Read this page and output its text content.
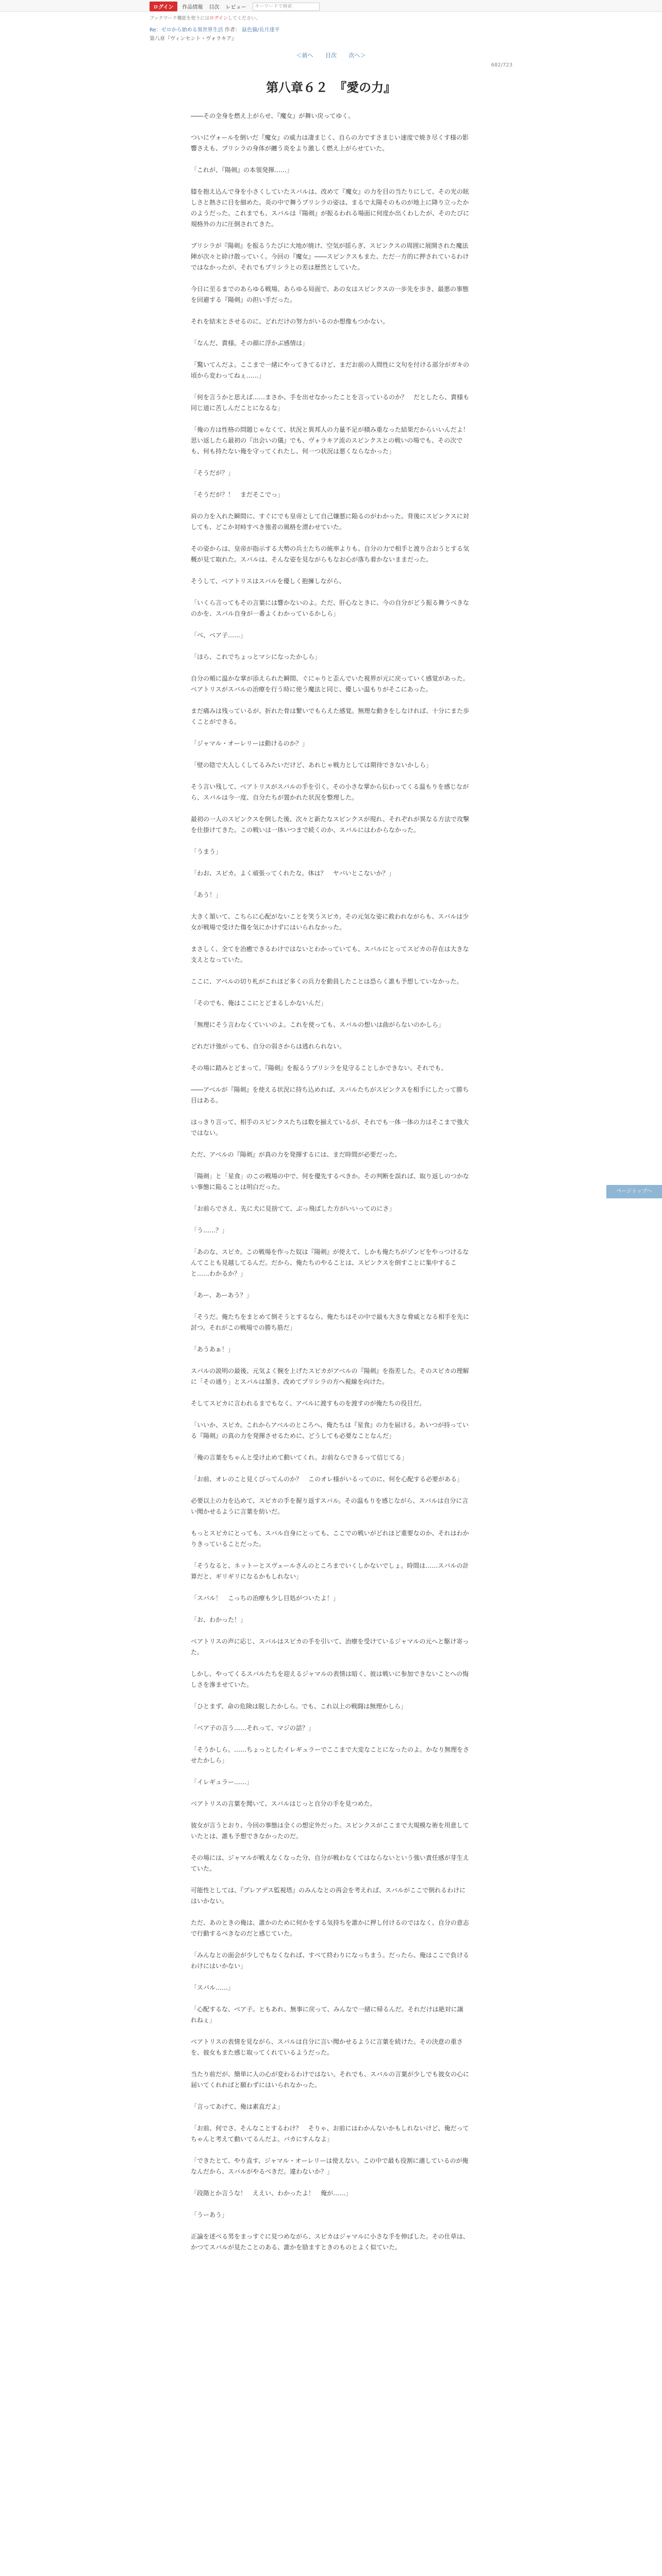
ログイン	作品情報 目次 レビュー	キーワードで検索
ブックマーク機能を使うにはログインしてください。
Re：ゼロから始める異世界生活 作者： 鼠色猫/長月達平
第八章『ヴィンセント・ヴォラキア』
＜前へ 目次 次へ＞
682/723
第八章６２　『愛の力』

――その全身を燃え上がらせ、『魔女』が舞い戻ってゆく。

ついにヴォールを倒いだ『魔女』の威力は凄まじく、自らの力ですさまじい速度で焼き尽くす様の影響さえも、プリシラの身体が纏う炎をより激しく燃え上がらせていた。

「これが、『陽剣』の本領発揮……」

膝を抱え込んで身を小さくしていたスバルは、改めて『魔女』の力を目の当たりにして、その光の眩しさと熱さに目を細めた。炎の中で舞うプリシラの姿は、まるで太陽そのものが地上に降り立ったかのようだった。これまでも、スバルは『陽剣』が振るわれる場面に何度か出くわしたが、そのたびに規格外の力に圧倒されてきた。

プリシラが『陽剣』を振るうたびに大地が焼け、空気が揺らぎ、スピンクスの周囲に展開された魔法陣が次々と砕け散っていく。今回の『魔女』――スピンクスもまた、ただ一方的に押されているわけではなかったが、それでもプリシラとの差は歴然としていた。

今日に至るまでのあらゆる戦場、あらゆる局面で、あの女はスピンクスの一歩先を歩き、最悪の事態を回避する『陽剣』の担い手だった。

それを結末とさせるのに、どれだけの努力がいるのか想像もつかない。

「なんだ、貴様。その顔に浮かぶ感情は」

「驚いてんだよ。ここまで一緒にやってきてるけど、まだお前の人間性に文句を付ける部分がガキの頃から変わってねぇ……」

「何を言うかと思えば……まさか、手を出せなかったことを言っているのか？　だとしたら、貴様も同じ道に苦しんだことになるな」

「俺の方は性格の問題じゃなくて、状況と異邦人の力量不足が積み重なった結果だからいいんだよ！　思い返したら最初の『出会いの儀』でも、ヴォラキア流のスピンクスとの戦いの場でも、その次でも、何も持たない俺を守ってくれたし、何一つ状況は悪くならなかった」

「そうだが？」

「そうだが？！　まだそこでっ」

肩の力を入れた瞬間に、すぐにでも皇帝として自己嫌悪に陥るのがわかった。背後にスピンクスに対しても、どこか対峙すべき強者の風格を漂わせていた。

その姿からは、皇帝が指示する大勢の兵士たちの統率よりも、自分の力で相手と渡り合おうとする気概が見て取れた。スバルは、そんな姿を見ながらもなお心が落ち着かないままだった。

そうして、ベアトリスはスバルを優しく抱擁しながら、

「いくら言ってもその言葉には響かないのよ。ただ、肝心なときに、今の自分がどう振る舞うべきなのかを、スバル自身が一番よくわかっているかしら」

「べ、ベア子……」

「ほら、これでちょっとマシになったかしら」

自分の頬に温かな掌が添えられた瞬間、ぐにゃりと歪んでいた視界が元に戻っていく感覚があった。ベアトリスがスバルの治療を行う時に使う魔法と同じ、優しい温もりがそこにあった。

まだ痛みは残っているが、折れた骨は繋いでもらえた感覚。無理な動きをしなければ、十分にまた歩くことができる。

「ジャマル・オーレリーは動けるのか？」

「壁の陰で大人しくしてるみたいだけど、あれじゃ戦力としては期待できないかしら」

そう言い残して、ベアトリスがスバルの手を引く。その小さな掌から伝わってくる温もりを感じながら、スバルは今一度、自分たちが置かれた状況を整理した。

最初の一人のスピンクスを倒した後、次々と新たなスピンクスが現れ、それぞれが異なる方法で攻撃を仕掛けてきた。この戦いは一体いつまで続くのか、スバルにはわからなかった。

「うまう」

「わお、スピカ。よく頑張ってくれたな。体は？　ヤバいとこないか？」

「あう！」

大きく頷いて、こちらに心配がないことを笑うスピカ。その元気な姿に救われながらも、スバルは少女が戦場で受けた傷を気にかけずにはいられなかった。

まさしく、全てを治癒できるわけではないとわかっていても、スバルにとってスピカの存在は大きな支えとなっていた。

ここに、アベルの切り札がこれほど多くの兵力を動員したことは恐らく誰も予想していなかった。

「そのでも、俺はここにとどまるしかないんだ」

「無理にそう言わなくていいのよ。これを使っても、スバルの想いは曲がらないのかしら」

どれだけ強がっても、自分の弱さからは逃れられない。

その場に踏みとどまって、『陽剣』を振るうプリシラを見守ることしかできない。それでも、

――アベルが『陽剣』を使える状況に持ち込めれば、スバルたちがスピンクスを相手にしたって勝ち目はある。

はっきり言って、相手のスピンクスたちは数を揃えているが、それでも一体一体の力はそこまで強大ではない。

ただ、アベルの『陽剣』が真の力を発揮するには、まだ時間が必要だった。

「陽剣」と「星食」のこの戦場の中で、何を優先するべきか。その判断を誤れば、取り返しのつかない事態に陥ることは明白だった。

「お前らでさえ、先に犬に見捨てて、ぶっ飛ばした方がいいってのにさ」

「う……？」

「あのな、スピカ。この戦場を作った奴は『陽剣』が使えて、しかも俺たちがゾンビをやっつけるなんてことも見越してるんだ。だから、俺たちのやることは、スピンクスを倒すことに集中すること……わかるか？」

「あー、あーあう？」

「そうだ。俺たちをまとめて倒そうとするなら、俺たちはその中で最も大きな脅威となる相手を先に討つ。それがこの戦場での勝ち筋だ」

「あうあぁ！」

スバルの説明の最後、元気よく腕を上げたスピカがアベルの『陽剣』を指差した。そのスピカの理解に「その通り」とスバルは頷き、改めてプリシラの方へ視線を向けた。

そしてスピカに言われるまでもなく、アベルに渡すものを渡すのが俺たちの役目だ。

「いいか、スピカ。これからアベルのところへ、俺たちは『星食』の力を届ける。あいつが持っている『陽剣』の真の力を発揮させるために、どうしても必要なことなんだ」

「俺の言葉をちゃんと受け止めて動いてくれ。お前ならできるって信じてる」

「お前、オレのこと見くびってんのか？　このオレ様がいるってのに、何を心配する必要がある」

必要以上の力を込めて、スピカの手を握り返すスバル。その温もりを感じながら、スバルは自分に言い聞かせるように言葉を紡いだ。

もっとスピカにとっても、スバル自身にとっても、ここでの戦いがどれほど重要なのか、それはわかりきっていることだった。

「そうなると、ネットーとスヴェールさんのところまでいくしかないでしょ。時間は……スバルの計算だと、ギリギリになるかもしれない」

「スバル！　こっちの治療も少し目処がついたよ！」

「お、わかった！」

ベアトリスの声に応じ、スバルはスピカの手を引いて、治療を受けているジャマルの元へと駆け寄った。

しかし、やってくるスバルたちを迎えるジャマルの表情は暗く、彼は戦いに参加できないことへの悔しさを滲ませていた。

「ひとまず、命の危険は脱したかしら。でも、これ以上の戦闘は無理かしら」

「ベア子の言う……それって、マジの話？」

「そうかしら。……ちょっとしたイレギュラーでここまで大変なことになったのよ。かなり無理をさせたかしら」

「イレギュラー……」

ベアトリスの言葉を聞いて、スバルはじっと自分の手を見つめた。

彼女が言うとおり、今回の事態は全くの想定外だった。スピンクスがここまで大規模な術を用意していたとは、誰も予想できなかったのだ。

その場には、ジャマルが戦えなくなった分、自分が戦わなくてはならないという強い責任感が芽生えていた。

可能性としては、『プレアデス監視塔』のみんなとの再会を考えれば、スバルがここで倒れるわけにはいかない。

ただ、あのときの俺は、誰かのために何かをする気持ちを誰かに押し付けるのではなく、自分の意志で行動するべきなのだと感じていた。

「みんなとの面会が少しでもなくなれば、すべて終わりになっちまう。だったら、俺はここで負けるわけにはいかない」

「スバル……」

「心配するな、ベア子。ともあれ、無事に戻って、みんなで一緒に帰るんだ。それだけは絶対に譲れねぇ」

ベアトリスの表情を見ながら、スバルは自分に言い聞かせるように言葉を続けた。その決意の重さを、彼女もまた感じ取ってくれているようだった。

当たり前だが、簡単に人の心が変わるわけではない。それでも、スバルの言葉が少しでも彼女の心に届いてくれればと願わずにはいられなかった。

「言ってあげて、俺は素直だよ」

「お前、何でさ、そんなことするわけ？　そりゃ、お前にはわかんないかもしれないけど、俺だってちゃんと考えて動いてるんだよ。バカにすんなよ」

「できたとて、やり直す、ジャマル・オーレリーは使えない。この中で最も役割に適しているのが俺なんだから、スバルがやるべきだ。違わないか？」

「段階とか言うな！　ええい、わかったよ！　俺が……」

「うーあう」

正論を述べる男をまっすぐに見つめながら、スピカはジャマルに小さな手を伸ばした。その仕草は、かつてスバルが見たことのある、誰かを励ますときのものとよく似ていた。

ページトップへ
